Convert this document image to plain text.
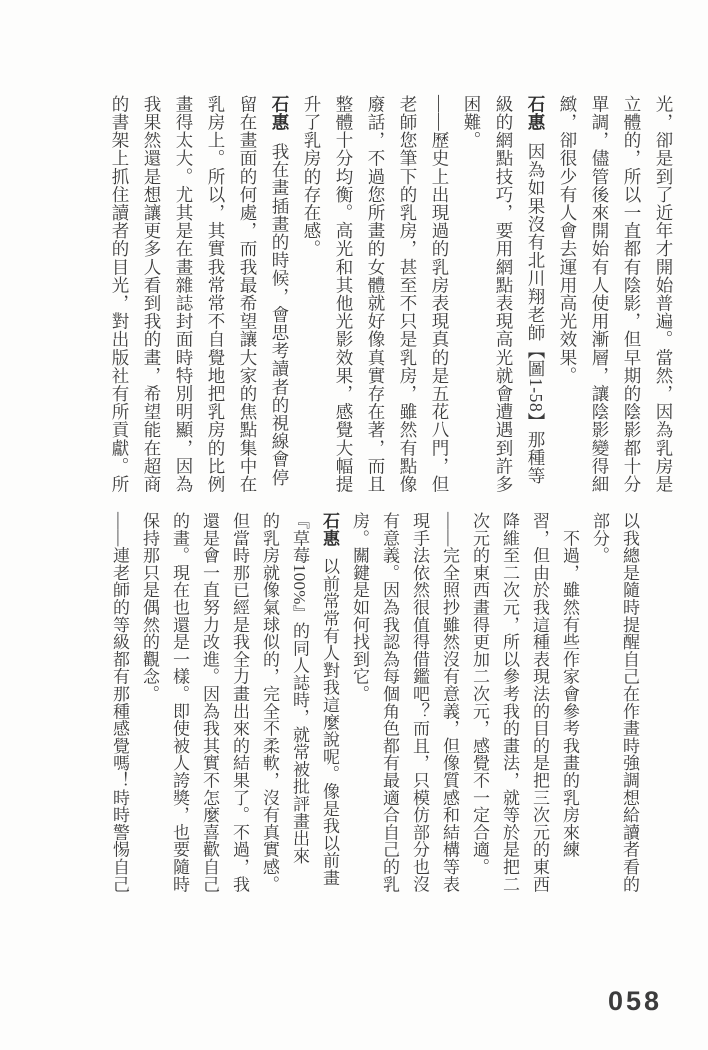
光，卻是到了近年才開始普遍。當然，因為乳房是
立體的，所以一直都有陰影，但早期的陰影都十分
單調，儘管後來開始有人使用漸層，讓陰影變得細
緻，卻很少有人會去運用高光效果。
石惠因為如果沒有北川翔老師【圖1-58】那種等
級的網點技巧，要用網點表現高光就會遭遇到許多
困難。
——歷史上出現過的乳房表現真的是五花八門，但
老師您筆下的乳房，甚至不只是乳房，雖然有點像
廢話，不過您所畫的女體就好像真實存在著，而且
整體十分均衡。高光和其他光影效果，感覺大幅提
升了乳房的存在感。
石惠我在畫插畫的時候，會思考讀者的視線會停
留在畫面的何處，而我最希望讓大家的焦點集中在
乳房上。所以，其實我常常不自覺地把乳房的比例
畫得太大。尤其是在畫雜誌封面時特別明顯，因為
我果然還是想讓更多人看到我的畫，希望能在超商
的書架上抓住讀者的目光，對出版社有所貢獻。所
以我總是隨時提醒自己在作畫時強調想給讀者看的
部分。
　不過，雖然有些作家會參考我畫的乳房來練
習，但由於我這種表現法的目的是把三次元的東西
降維至二次元，所以參考我的畫法，就等於是把二
次元的東西畫得更加二次元，感覺不一定合適。
——完全照抄雖然沒有意義，但像質感和結構等表
現手法依然很值得借鑑吧？而且，只模仿部分也沒
有意義。因為我認為每個角色都有最適合自己的乳
房。關鍵是如何找到它。
石惠以前常常有人對我這麼說呢。像是我以前畫
『草莓100%』的同人誌時，就常被批評畫出來
的乳房就像氣球似的，完全不柔軟，沒有真實感。
但當時那已經是我全力畫出來的結果了。不過，我
還是會一直努力改進。因為我其實不怎麼喜歡自己
的畫。現在也還是一樣。即使被人誇獎，也要隨時
保持那只是偶然的觀念。
——連老師的等級都有那種感覺嗎！時時警惕自己
058
